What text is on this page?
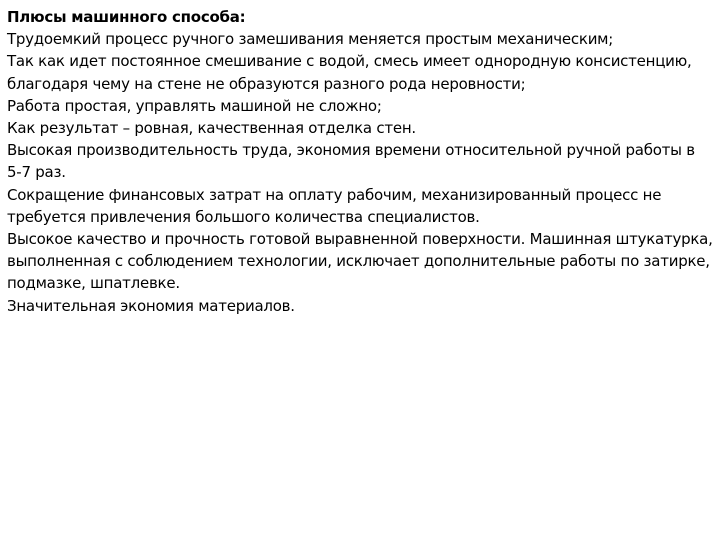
Плюсы машинного способа:

Трудоемкий процесс ручного замешивания меняется простым механическим;

Так как идет постоянное смешивание с водой, смесь имеет однородную консистенцию, благодаря чему на стене не образуются разного рода неровности;

Работа простая, управлять машиной не сложно;

Как результат – ровная, качественная отделка стен.

Высокая производительность труда, экономия времени относительной ручной работы в 5-7 раз.

Сокращение финансовых затрат на оплату рабочим, механизированный процесс не требуется привлечения большого количества специалистов.

Высокое качество и прочность готовой выравненной поверхности. Машинная штукатурка, выполненная с соблюдением технологии, исключает дополнительные работы по затирке, подмазке, шпатлевке.

Значительная экономия материалов.
